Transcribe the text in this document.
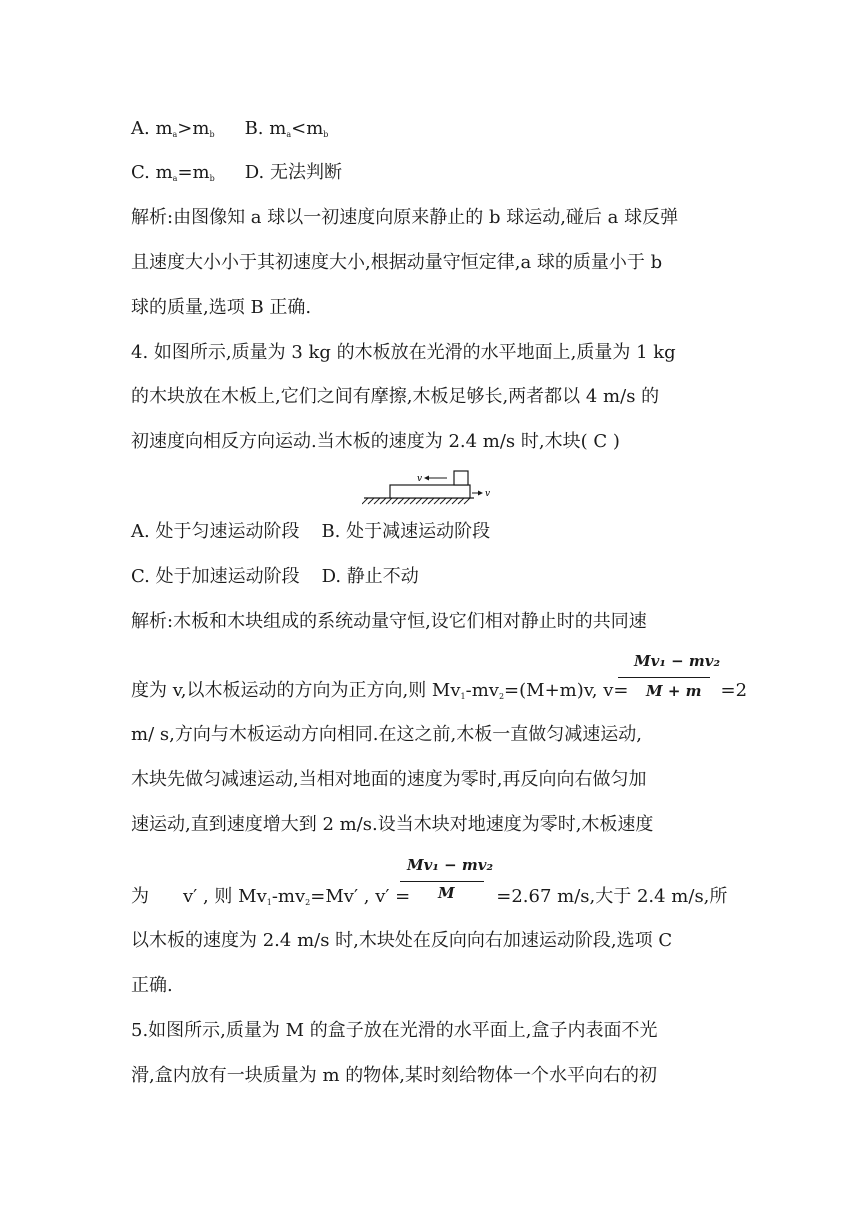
A. $m_a>m_b$ B. $m_a<m_b$
C. $m_a=m_b$ D. 无法判断
解析:由图像知 a 球以一初速度向原来静止的 b 球运动,碰后 a 球反弹
且速度大小小于其初速度大小,根据动量守恒定律,a 球的质量小于 b
球的质量,选项 B 正确.
4. 如图所示,质量为 3 kg 的木板放在光滑的水平地面上,质量为 1 kg
的木块放在木板上,它们之间有摩擦,木板足够长,两者都以 4 m/s 的
初速度向相反方向运动.当木板的速度为 2.4 m/s 时,木块( C )
v
v
A. 处于匀速运动阶段 B. 处于减速运动阶段
C. 处于加速运动阶段 D. 静止不动
解析:木板和木块组成的系统动量守恒,设它们相对静止时的共同速
度为 v,以木板运动的方向为正方向,则 $Mv_1-mv_2=(M+m)v$, v=	=2
Mv₁ − mv₂
M + m
m/ s,方向与木板运动方向相同.在这之前,木板一直做匀减速运动,
木块先做匀减速运动,当相对地面的速度为零时,再反向向右做匀加
速运动,直到速度增大到 2 m/s.设当木块对地速度为零时,木板速度
为 v′ , 则 $Mv_1-mv_2=Mv'$ , v′ =	=2.67 m/s,大于 2.4 m/s,所
Mv₁ − mv₂
M
以木板的速度为 2.4 m/s 时,木块处在反向向右加速运动阶段,选项 C
正确.
5.如图所示,质量为 M 的盒子放在光滑的水平面上,盒子内表面不光
滑,盒内放有一块质量为 m 的物体,某时刻给物体一个水平向右的初
